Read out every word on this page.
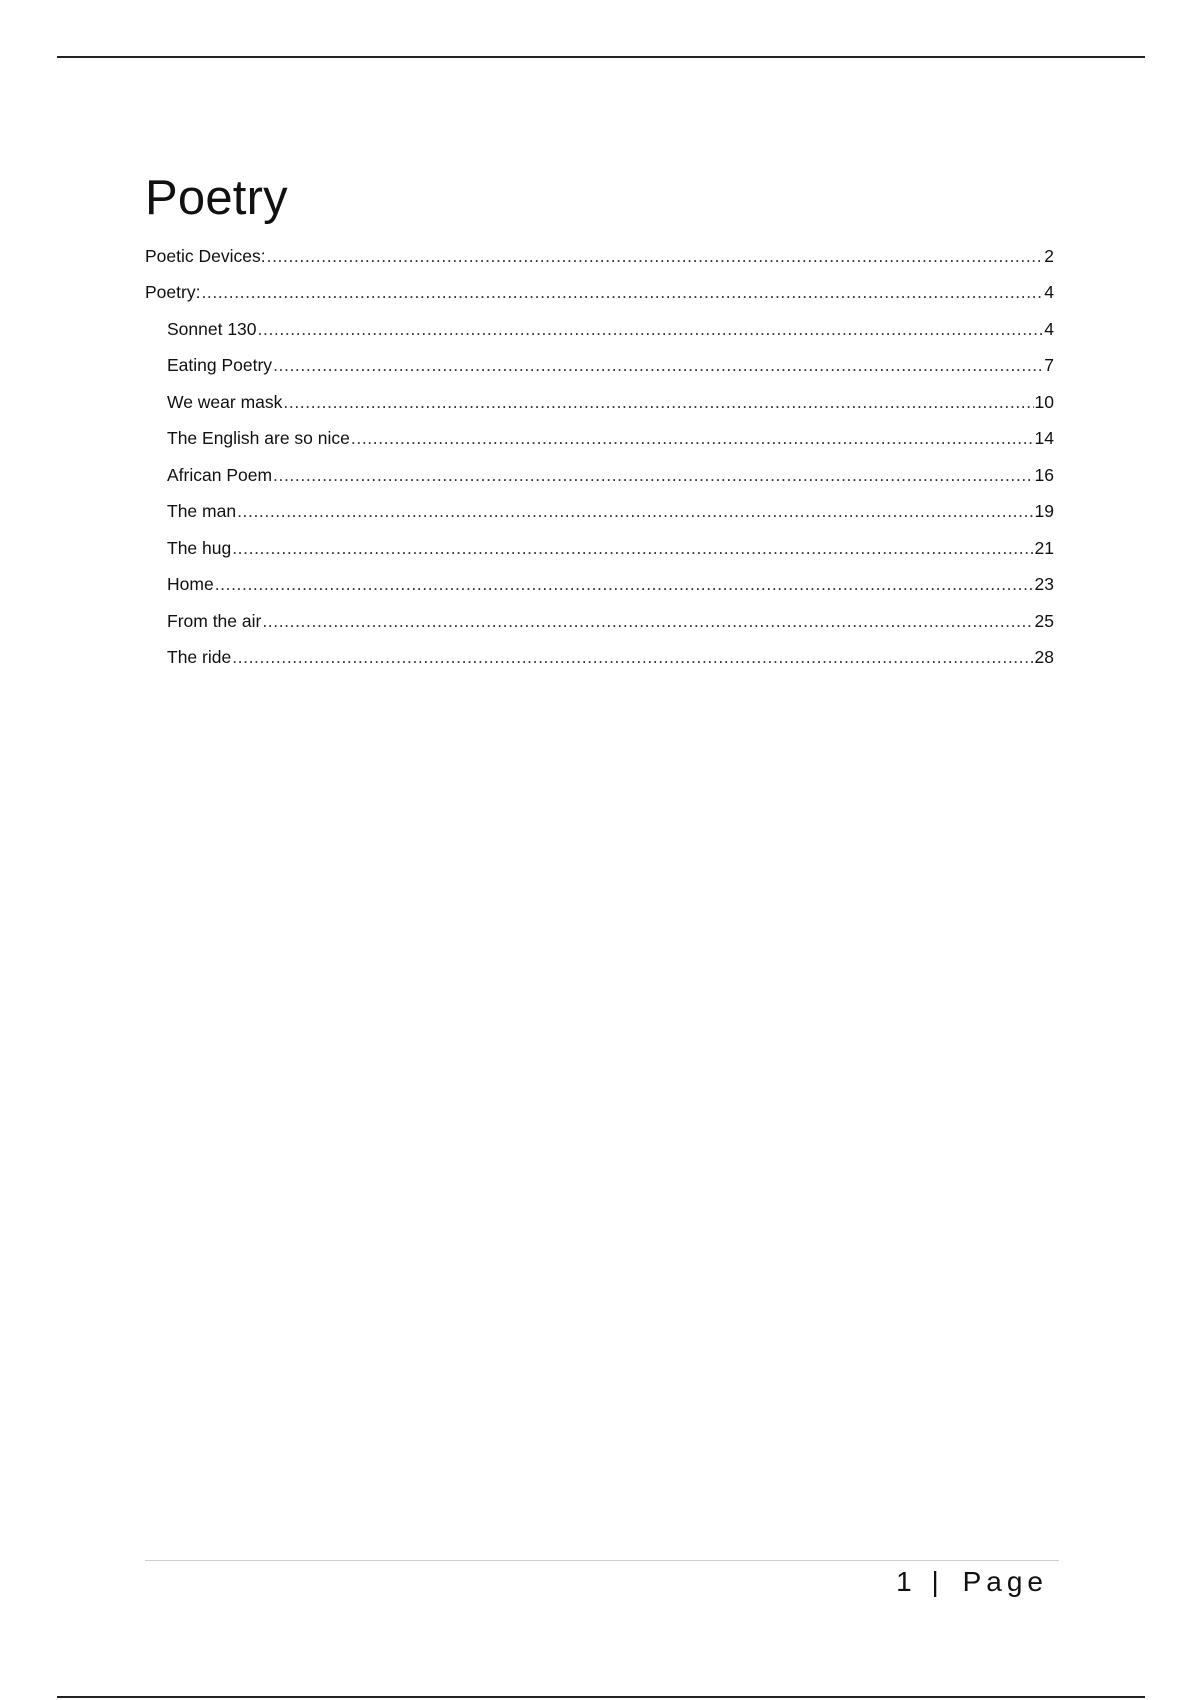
Poetry
Poetic Devices: .....	2
Poetry: .....	4
Sonnet 130 .....	4
Eating Poetry .....	7
We wear mask .....	10
The English are so nice .....	14
African Poem .....	16
The man .....	19
The hug .....	21
Home .....	23
From the air .....	25
The ride .....	28
1 | Page
